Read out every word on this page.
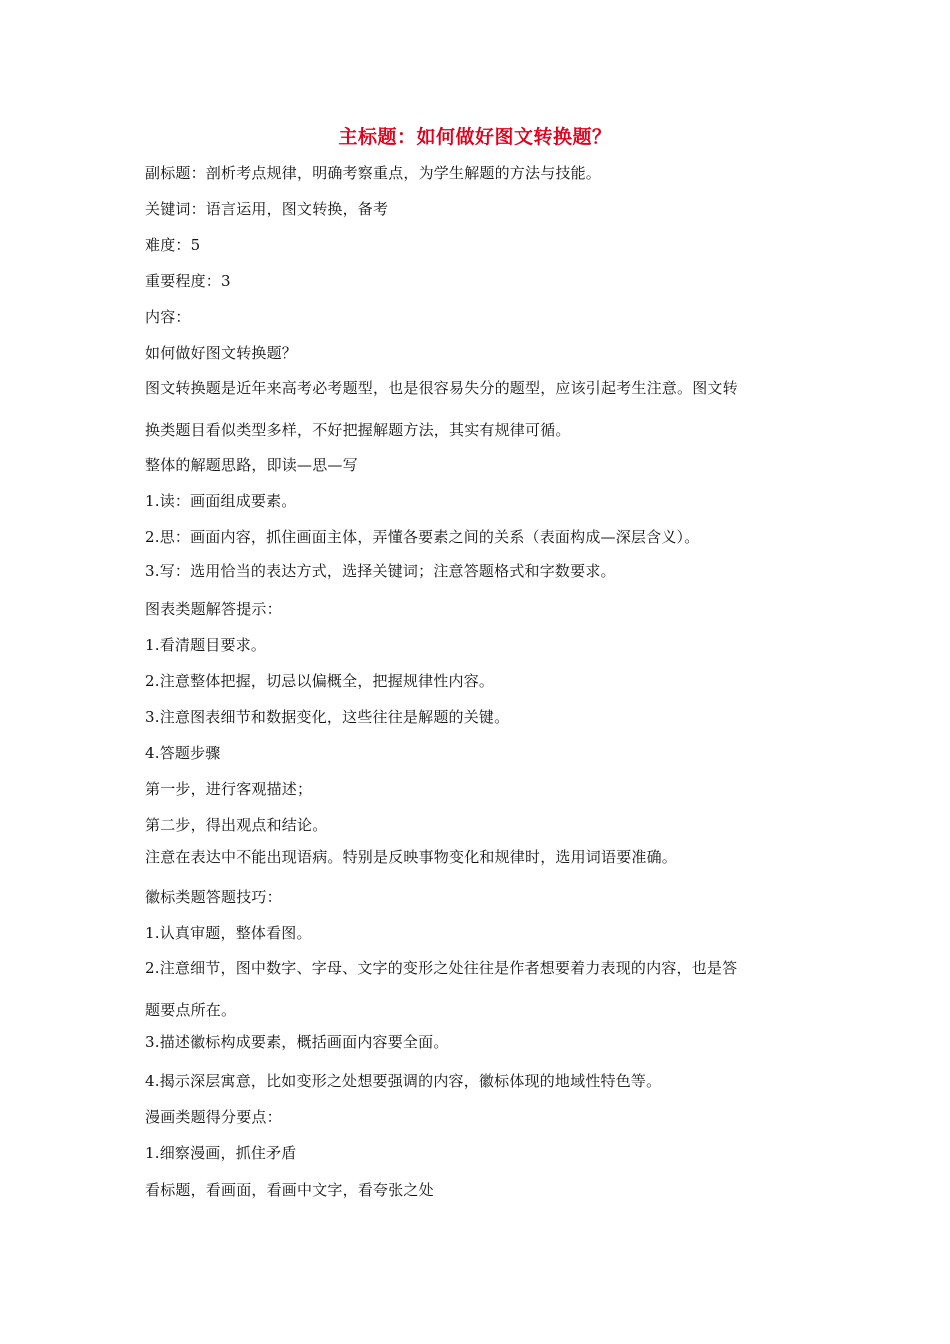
主标题：如何做好图文转换题？
副标题：剖析考点规律，明确考察重点，为学生解题的方法与技能。
关键词：语言运用，图文转换，备考
难度：5
重要程度：3
内容：
如何做好图文转换题？
图文转换题是近年来高考必考题型，也是很容易失分的题型，应该引起考生注意。图文转
换类题目看似类型多样，不好把握解题方法，其实有规律可循。
整体的解题思路，即读—思—写
1.读：画面组成要素。
2.思：画面内容，抓住画面主体，弄懂各要素之间的关系（表面构成—深层含义）。
3.写：选用恰当的表达方式，选择关键词；注意答题格式和字数要求。
图表类题解答提示：
1.看清题目要求。
2.注意整体把握，切忌以偏概全，把握规律性内容。
3.注意图表细节和数据变化，这些往往是解题的关键。
4.答题步骤
第一步，进行客观描述；
第二步，得出观点和结论。
注意在表达中不能出现语病。特别是反映事物变化和规律时，选用词语要准确。
徽标类题答题技巧：
1.认真审题，整体看图。
2.注意细节，图中数字、字母、文字的变形之处往往是作者想要着力表现的内容，也是答
题要点所在。
3.描述徽标构成要素，概括画面内容要全面。
4.揭示深层寓意，比如变形之处想要强调的内容，徽标体现的地域性特色等。
漫画类题得分要点：
1.细察漫画，抓住矛盾
看标题，看画面，看画中文字，看夸张之处
